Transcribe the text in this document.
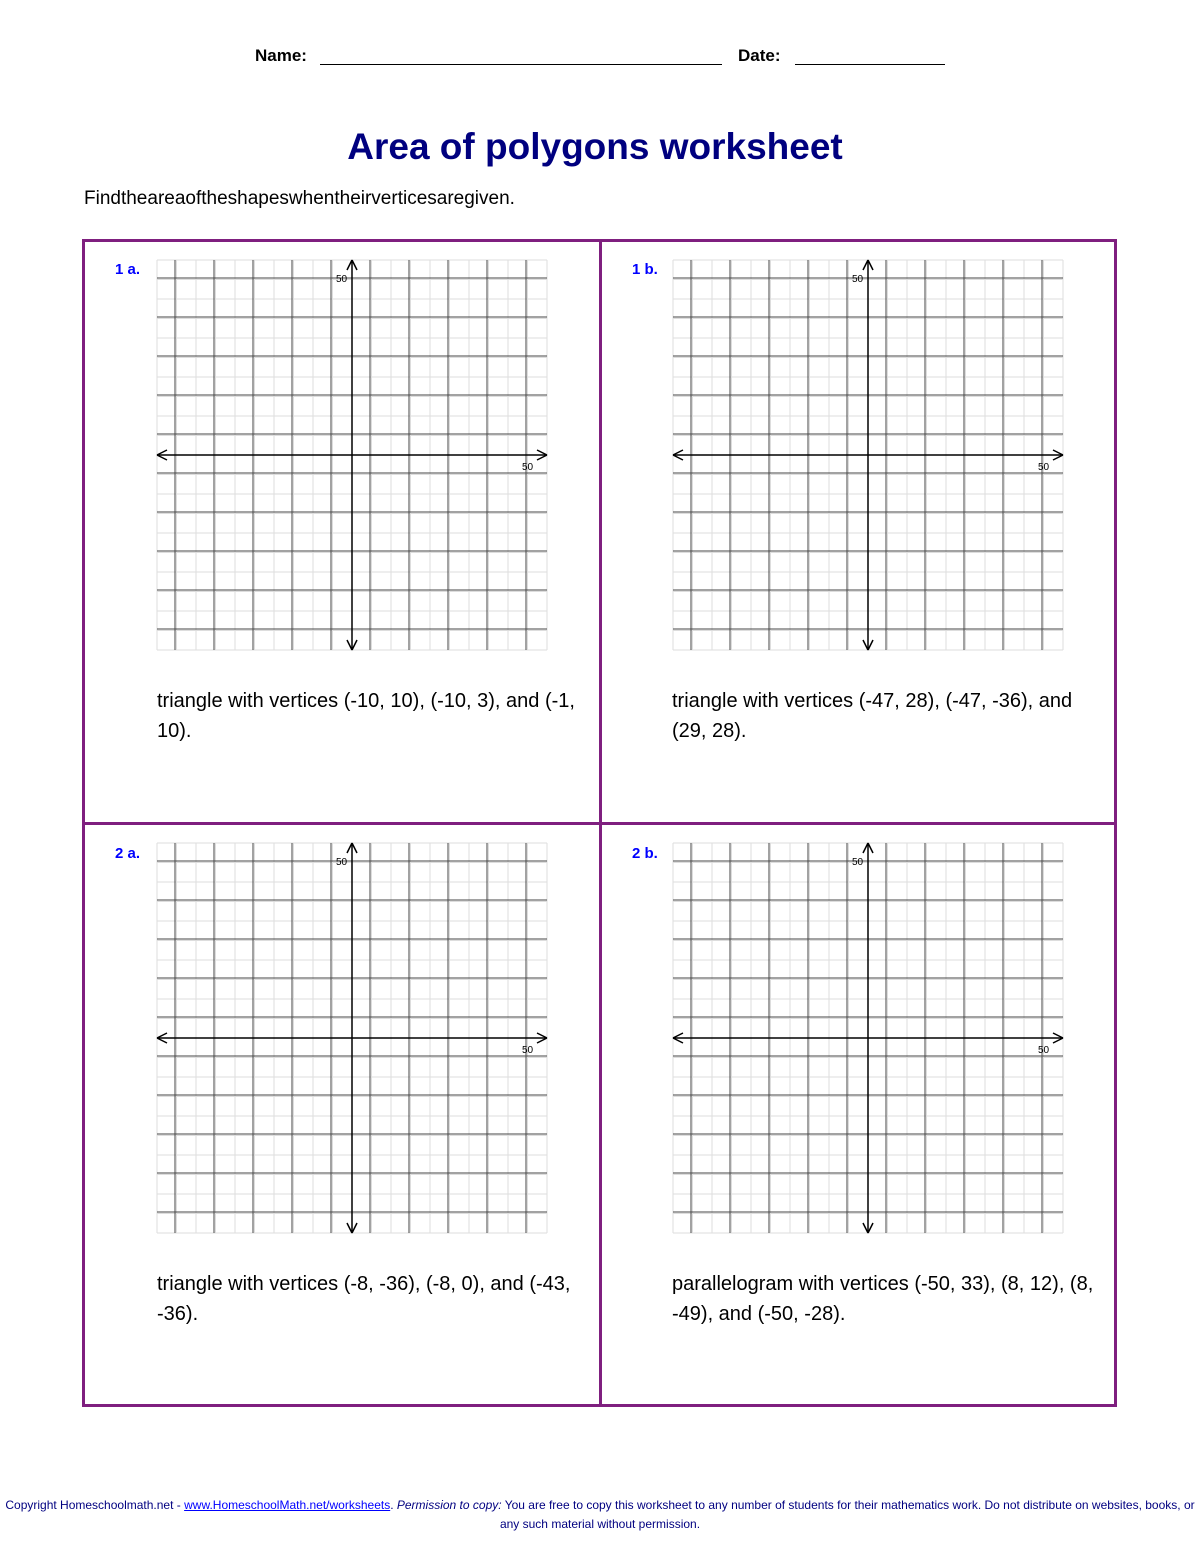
Name:	Date:
Area of polygons worksheet
Findtheareaoftheshapeswhentheirverticesaregiven.
1 a.
50
50
triangle with vertices (-10, 10), (-10, 3), and (-1, 10).
1 b.
50
50
triangle with vertices (-47, 28), (-47, -36), and (29, 28).
2 a.
50
50
triangle with vertices (-8, -36), (-8, 0), and (-43, -36).
2 b.
50
50
parallelogram with vertices (-50, 33), (8, 12), (8, -49), and (-50, -28).
Copyright Homeschoolmath.net - www.HomeschoolMath.net/worksheets. Permission to copy: You are free to copy this worksheet to any number of students for their mathematics work. Do not distribute on websites, books, or any such material without permission.
